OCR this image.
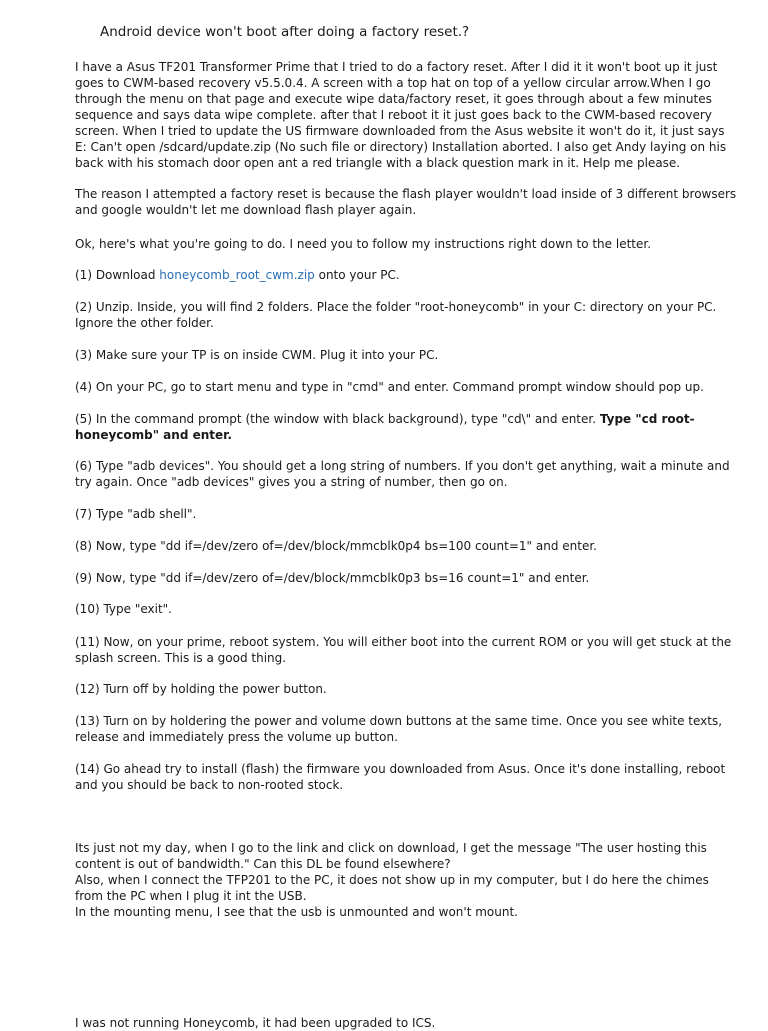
Android device won't boot after doing a factory reset.?

I have a Asus TF201 Transformer Prime that I tried to do a factory reset. After I did it it won't boot up it just goes to CWM-based recovery v5.5.0.4. A screen with a top hat on top of a yellow circular arrow.When I go through the menu on that page and execute wipe data/factory reset, it goes through about a few minutes sequence and says data wipe complete. after that I reboot it it just goes back to the CWM-based recovery screen. When I tried to update the US firmware downloaded from the Asus website it won't do it, it just says E: Can't open /sdcard/update.zip (No such file or directory) Installation aborted. I also get Andy laying on his back with his stomach door open ant a red triangle with a black question mark in it. Help me please.

The reason I attempted a factory reset is because the flash player wouldn't load inside of 3 different browsers and google wouldn't let me download flash player again.

Ok, here's what you're going to do. I need you to follow my instructions right down to the letter.

(1) Download honeycomb_root_cwm.zip onto your PC.

(2) Unzip. Inside, you will find 2 folders. Place the folder "root-honeycomb" in your C: directory on your PC. Ignore the other folder.

(3) Make sure your TP is on inside CWM. Plug it into your PC.

(4) On your PC, go to start menu and type in "cmd" and enter. Command prompt window should pop up.

(5) In the command prompt (the window with black background), type "cd\" and enter. Type "cd root-honeycomb" and enter.

(6) Type "adb devices". You should get a long string of numbers. If you don't get anything, wait a minute and try again. Once "adb devices" gives you a string of number, then go on.

(7) Type "adb shell".

(8) Now, type "dd if=/dev/zero of=/dev/block/mmcblk0p4 bs=100 count=1" and enter.

(9) Now, type "dd if=/dev/zero of=/dev/block/mmcblk0p3 bs=16 count=1" and enter.

(10) Type "exit".

(11) Now, on your prime, reboot system. You will either boot into the current ROM or you will get stuck at the splash screen. This is a good thing.

(12) Turn off by holding the power button.

(13) Turn on by holdering the power and volume down buttons at the same time. Once you see white texts, release and immediately press the volume up button.

(14) Go ahead try to install (flash) the firmware you downloaded from Asus. Once it's done installing, reboot and you should be back to non-rooted stock.

Its just not my day, when I go to the link and click on download, I get the message "The user hosting this content is out of bandwidth." Can this DL be found elsewhere?

Also, when I connect the TFP201 to the PC, it does not show up in my computer, but I do here the chimes from the PC when I plug it int the USB.

In the mounting menu, I see that the usb is unmounted and won't mount.

I was not running Honeycomb, it had been upgraded to ICS.
